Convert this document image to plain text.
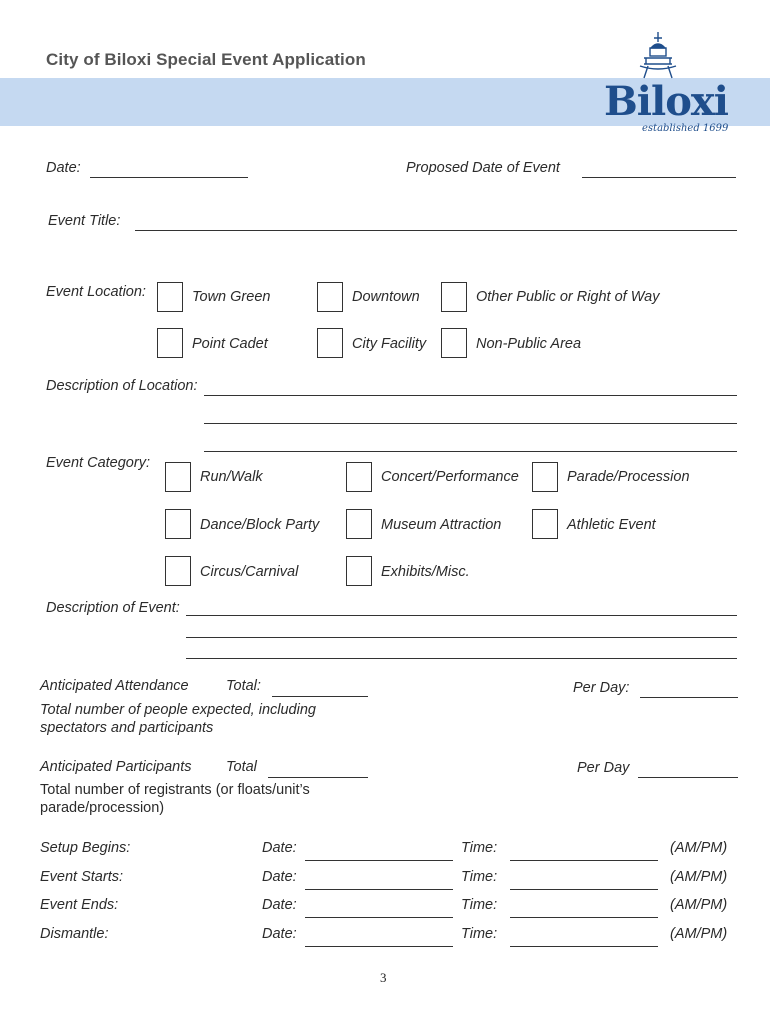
City of Biloxi Special Event Application
Biloxi
established 1699
Date:	Proposed Date of Event
Event Title:
Event Location:	Town Green	Downtown	Other Public or Right of Way
Point Cadet	City Facility	Non-Public Area
Description of Location:
Event Category:
Run/Walk	Concert/Performance	Parade/Procession
Dance/Block Party	Museum Attraction	Athletic Event
Circus/Carnival	Exhibits/Misc.
Description of Event:
Anticipated Attendance	Total:	Per Day:
Total number of people expected, including spectators and participants
Anticipated Participants Total	Per Day
Total number of registrants (or floats/unit’s parade/procession)
Setup Begins:	Date:	Time:	(AM/PM)
Event Starts:	Date:	Time:	(AM/PM)
Event Ends:	Date:	Time:	(AM/PM)
Dismantle:	Date:	Time:	(AM/PM)
3
